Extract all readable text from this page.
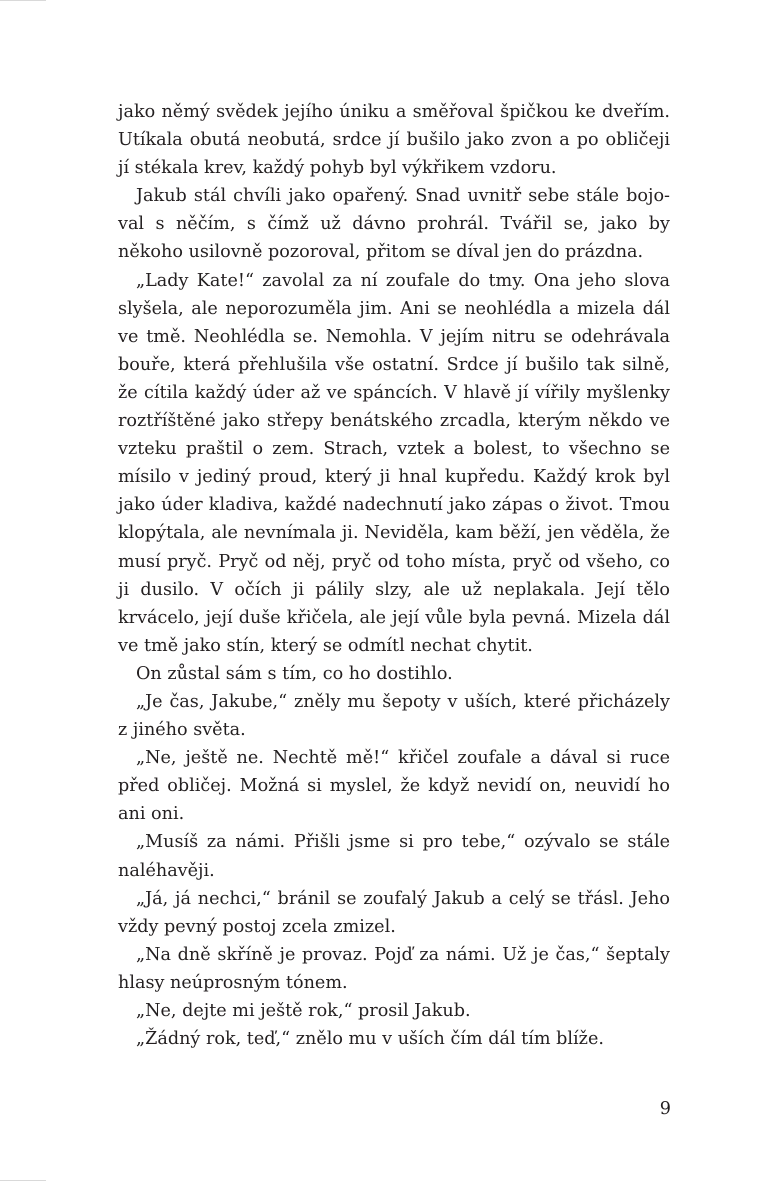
jako němý svědek jejího úniku a směřoval špičkou ke dveřím. Utíkala obutá neobutá, srdce jí bušilo jako zvon a po obličeji jí stékala krev, každý pohyb byl výkřikem vzdoru.

Jakub stál chvíli jako opařený. Snad uvnitř sebe stále bojoval s něčím, s čímž už dávno prohrál. Tvářil se, jako by někoho usilovně pozoroval, přitom se díval jen do prázdna.

„Lady Kate!“ zavolal za ní zoufale do tmy. Ona jeho slova slyšela, ale neporozuměla jim. Ani se neohlédla a mizela dál ve tmě. Neohlédla se. Nemohla. V jejím nitru se odehrávala bouře, která přehlušila vše ostatní. Srdce jí bušilo tak silně, že cítila každý úder až ve spáncích. V hlavě jí vířily myšlenky roztříštěné jako střepy benátského zrcadla, kterým někdo ve vzteku praštil o zem. Strach, vztek a bolest, to všechno se mísilo v jediný proud, který ji hnal kupředu. Každý krok byl jako úder kladiva, každé nadechnutí jako zápas o život. Tmou klopýtala, ale nevnímala ji. Neviděla, kam běží, jen věděla, že musí pryč. Pryč od něj, pryč od toho místa, pryč od všeho, co ji dusilo. V očích ji pálily slzy, ale už neplakala. Její tělo krvácelo, její duše křičela, ale její vůle byla pevná. Mizela dál ve tmě jako stín, který se odmítl nechat chytit.

On zůstal sám s tím, co ho dostihlo.

„Je čas, Jakube,“ zněly mu šepoty v uších, které přicházely z jiného světa.

„Ne, ještě ne. Nechtě mě!“ křičel zoufale a dával si ruce před obličej. Možná si myslel, že když nevidí on, neuvidí ho ani oni.

„Musíš za námi. Přišli jsme si pro tebe,“ ozývalo se stále naléhavěji.

„Já, já nechci,“ bránil se zoufalý Jakub a celý se třásl. Jeho vždy pevný postoj zcela zmizel.

„Na dně skříně je provaz. Pojď za námi. Už je čas,“ šeptaly hlasy neúprosným tónem.

„Ne, dejte mi ještě rok,“ prosil Jakub.

„Žádný rok, teď,“ znělo mu v uších čím dál tím blíže.

9
